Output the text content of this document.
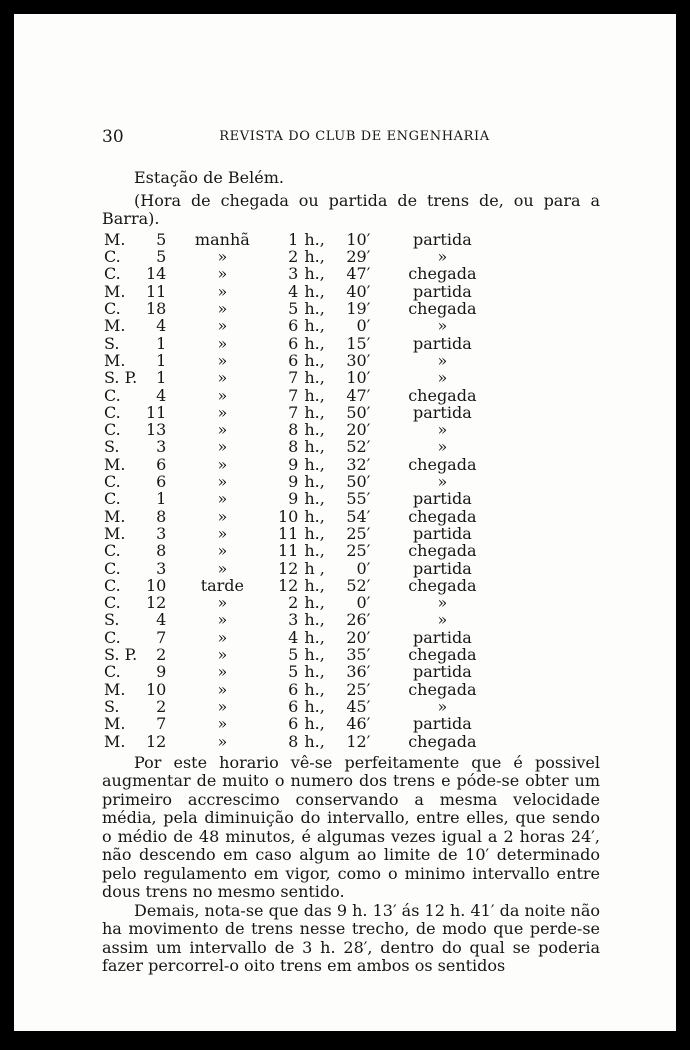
30	REVISTA DO CLUB DE ENGENHARIA

Estação de Belém.

(Hora de chegada ou partida de trens de, ou para a Barra).

M.	5	manhã	1	h.,	10′	partida
C.	5	»	2	h.,	29′	»
C.	14	»	3	h.,	47′	chegada
M.	11	»	4	h.,	40′	partida
C.	18	»	5	h.,	19′	chegada
M.	4	»	6	h.,	0′	»
S.	1	»	6	h.,	15′	partida
M.	1	»	6	h.,	30′	»
S. P.	1	»	7	h.,	10′	»
C.	4	»	7	h.,	47′	chegada
C.	11	»	7	h.,	50′	partida
C.	13	»	8	h.,	20′	»
S.	3	»	8	h.,	52′	»
M.	6	»	9	h.,	32′	chegada
C.	6	»	9	h.,	50′	»
C.	1	»	9	h.,	55′	partida
M.	8	»	10	h.,	54′	chegada
M.	3	»	11	h.,	25′	partida
C.	8	»	11	h.,	25′	chegada
C.	3	»	12	h ,	0′	partida
C.	10	tarde	12	h.,	52′	chegada
C.	12	»	2	h.,	0′	»
S.	4	»	3	h.,	26′	»
C.	7	»	4	h.,	20′	partida
S. P.	2	»	5	h.,	35′	chegada
C.	9	»	5	h.,	36′	partida
M.	10	»	6	h.,	25′	chegada
S.	2	»	6	h.,	45′	»
M.	7	»	6	h.,	46′	partida
M.	12	»	8	h.,	12′	chegada

Por este horario vê-se perfeitamente que é possivel augmentar de muito o numero dos trens e póde-se obter um primeiro accrescimo conservando a mesma velocidade média, pela diminuição do intervallo, entre elles, que sendo o médio de 48 minutos, é algumas vezes igual a 2 horas 24′, não descendo em caso algum ao limite de 10′ determinado pelo regulamento em vigor, como o minimo intervallo entre dous trens no mesmo sentido.

Demais, nota-se que das 9 h. 13′ ás 12 h. 41′ da noite não ha movimento de trens nesse trecho, de modo que perde-se assim um intervallo de 3 h. 28′, dentro do qual se poderia fazer percorrel-o oito trens em ambos os sentidos
